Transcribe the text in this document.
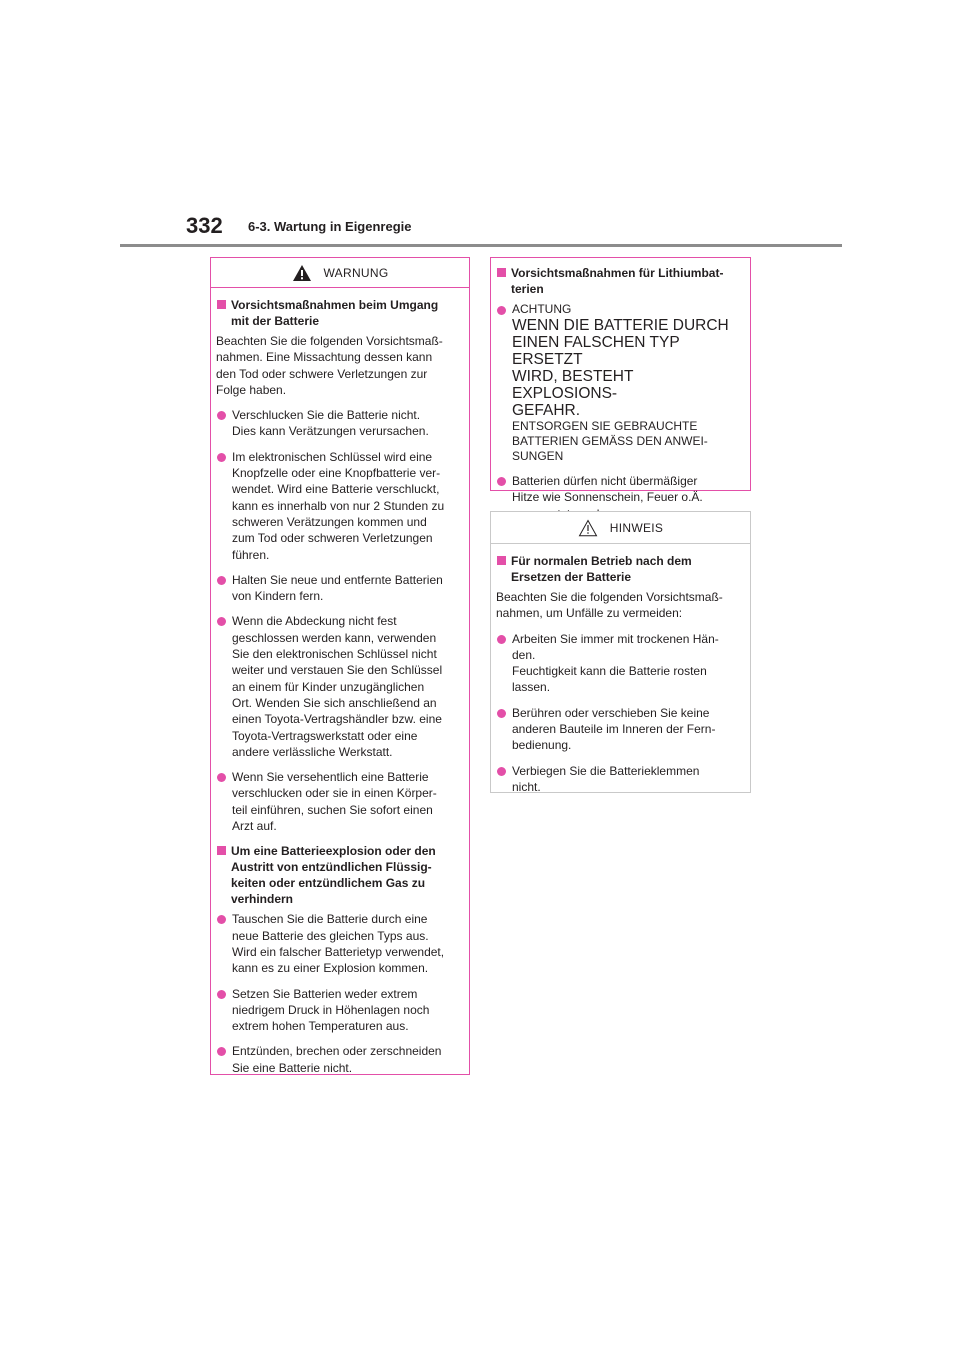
332 6-3. Wartung in Eigenregie
WARNUNG
Vorsichtsmaßnahmen beim Umgang
mit der Batterie
Beachten Sie die folgenden Vorsichtsmaß-
nahmen. Eine Missachtung dessen kann
den Tod oder schwere Verletzungen zur
Folge haben.
Verschlucken Sie die Batterie nicht.
Dies kann Verätzungen verursachen.
Im elektronischen Schlüssel wird eine
Knopfzelle oder eine Knopfbatterie ver-
wendet. Wird eine Batterie verschluckt,
kann es innerhalb von nur 2 Stunden zu
schweren Verätzungen kommen und
zum Tod oder schweren Verletzungen
führen.
Halten Sie neue und entfernte Batterien
von Kindern fern.
Wenn die Abdeckung nicht fest
geschlossen werden kann, verwenden
Sie den elektronischen Schlüssel nicht
weiter und verstauen Sie den Schlüssel
an einem für Kinder unzugänglichen
Ort. Wenden Sie sich anschließend an
einen Toyota-Vertragshändler bzw. eine
Toyota-Vertragswerkstatt oder eine
andere verlässliche Werkstatt.
Wenn Sie versehentlich eine Batterie
verschlucken oder sie in einen Körper-
teil einführen, suchen Sie sofort einen
Arzt auf.
Um eine Batterieexplosion oder den
Austritt von entzündlichen Flüssig-
keiten oder entzündlichem Gas zu
verhindern
Tauschen Sie die Batterie durch eine
neue Batterie des gleichen Typs aus.
Wird ein falscher Batterietyp verwendet,
kann es zu einer Explosion kommen.
Setzen Sie Batterien weder extrem
niedrigem Druck in Höhenlagen noch
extrem hohen Temperaturen aus.
Entzünden, brechen oder zerschneiden
Sie eine Batterie nicht.
Vorsichtsmaßnahmen für Lithiumbat-
terien
ACHTUNG
WENN DIE BATTERIE DURCH
EINEN FALSCHEN TYP ERSETZT
WIRD, BESTEHT EXPLOSIONS-
GEFAHR.
ENTSORGEN SIE GEBRAUCHTE
BATTERIEN GEMÄSS DEN ANWEI-
SUNGEN
Batterien dürfen nicht übermäßiger
Hitze wie Sonnenschein, Feuer o.Ä.

HINWEIS
Für normalen Betrieb nach dem
Ersetzen der Batterie
Beachten Sie die folgenden Vorsichtsmaß-
nahmen, um Unfälle zu vermeiden:
Arbeiten Sie immer mit trockenen Hän-
den.
Feuchtigkeit kann die Batterie rosten
lassen.
Berühren oder verschieben Sie keine
anderen Bauteile im Inneren der Fern-
bedienung.
Verbiegen Sie die Batterieklemmen
nicht.
